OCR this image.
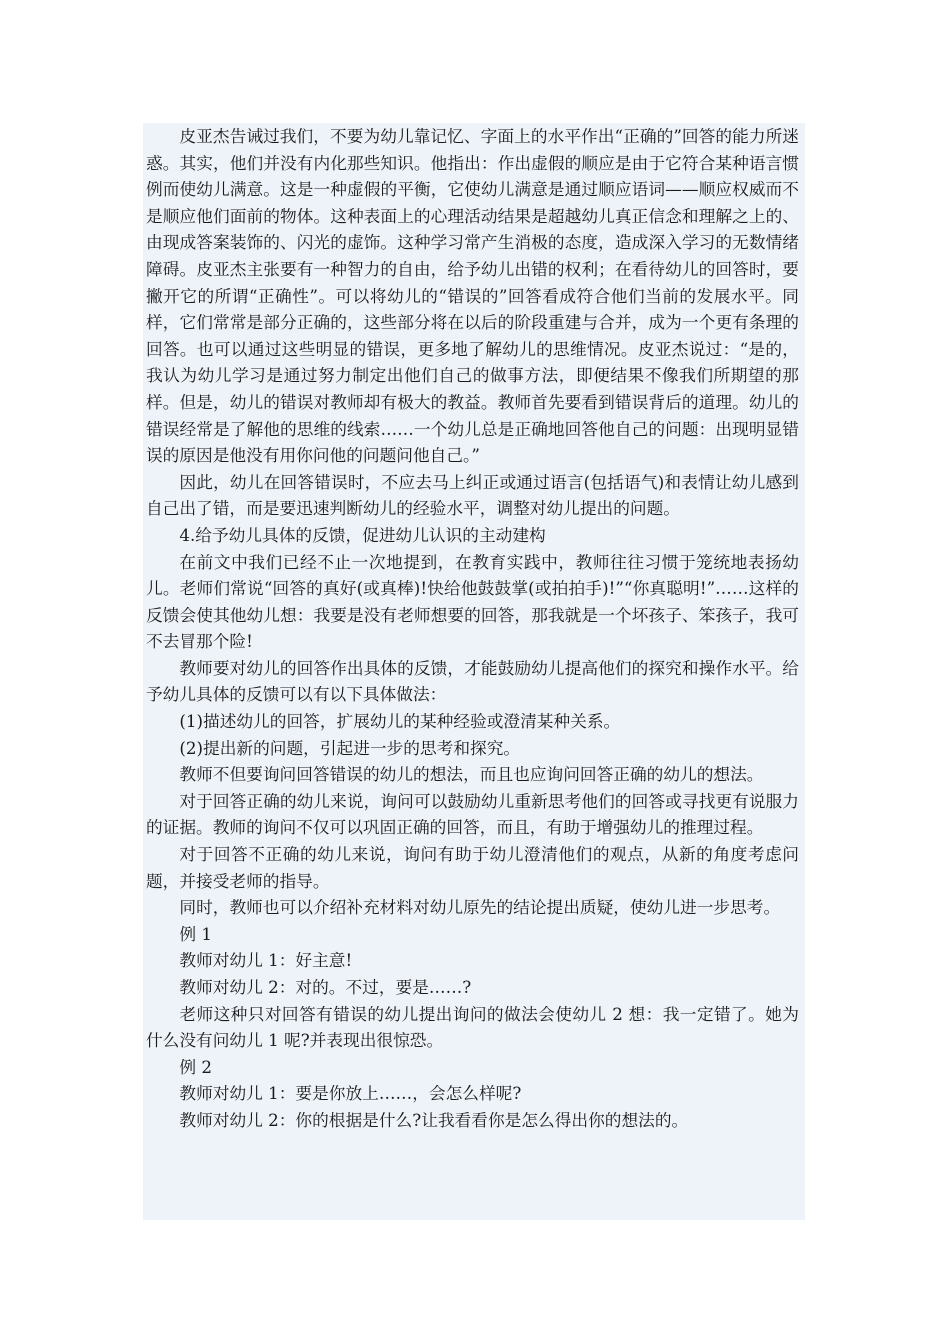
皮亚杰告诫过我们，不要为幼儿靠记忆、字面上的水平作出“正确的”回答的能力所迷惑。其实，他们并没有内化那些知识。他指出：作出虚假的顺应是由于它符合某种语言惯例而使幼儿满意。这是一种虚假的平衡，它使幼儿满意是通过顺应语词——顺应权威而不是顺应他们面前的物体。这种表面上的心理活动结果是超越幼儿真正信念和理解之上的、由现成答案装饰的、闪光的虚饰。这种学习常产生消极的态度，造成深入学习的无数情绪障碍。皮亚杰主张要有一种智力的自由，给予幼儿出错的权利；在看待幼儿的回答时，要撇开它的所谓“正确性”。可以将幼儿的“错误的”回答看成符合他们当前的发展水平。同样，它们常常是部分正确的，这些部分将在以后的阶段重建与合并，成为一个更有条理的回答。也可以通过这些明显的错误，更多地了解幼儿的思维情况。皮亚杰说过：“是的，我认为幼儿学习是通过努力制定出他们自己的做事方法，即便结果不像我们所期望的那样。但是，幼儿的错误对教师却有极大的教益。教师首先要看到错误背后的道理。幼儿的错误经常是了解他的思维的线索……一个幼儿总是正确地回答他自己的问题：出现明显错误的原因是他没有用你问他的问题问他自己。”

因此，幼儿在回答错误时，不应去马上纠正或通过语言(包括语气)和表情让幼儿感到自己出了错，而是要迅速判断幼儿的经验水平，调整对幼儿提出的问题。

4.给予幼儿具体的反馈，促进幼儿认识的主动建构

在前文中我们已经不止一次地提到，在教育实践中，教师往往习惯于笼统地表扬幼儿。老师们常说“回答的真好(或真棒)!快给他鼓鼓掌(或拍拍手)!”“你真聪明!”……这样的反馈会使其他幼儿想：我要是没有老师想要的回答，那我就是一个坏孩子、笨孩子，我可不去冒那个险!

教师要对幼儿的回答作出具体的反馈，才能鼓励幼儿提高他们的探究和操作水平。给予幼儿具体的反馈可以有以下具体做法：

(1)描述幼儿的回答，扩展幼儿的某种经验或澄清某种关系。

(2)提出新的问题，引起进一步的思考和探究。

教师不但要询问回答错误的幼儿的想法，而且也应询问回答正确的幼儿的想法。

对于回答正确的幼儿来说，询问可以鼓励幼儿重新思考他们的回答或寻找更有说服力的证据。教师的询问不仅可以巩固正确的回答，而且，有助于增强幼儿的推理过程。

对于回答不正确的幼儿来说，询问有助于幼儿澄清他们的观点，从新的角度考虑问题，并接受老师的指导。

同时，教师也可以介绍补充材料对幼儿原先的结论提出质疑，使幼儿进一步思考。

例 1

教师对幼儿 1：好主意!

教师对幼儿 2：对的。不过，要是……?

老师这种只对回答有错误的幼儿提出询问的做法会使幼儿 2 想：我一定错了。她为什么没有问幼儿 1 呢?并表现出很惊恐。

例 2

教师对幼儿 1：要是你放上……，会怎么样呢?

教师对幼儿 2：你的根据是什么?让我看看你是怎么得出你的想法的。
